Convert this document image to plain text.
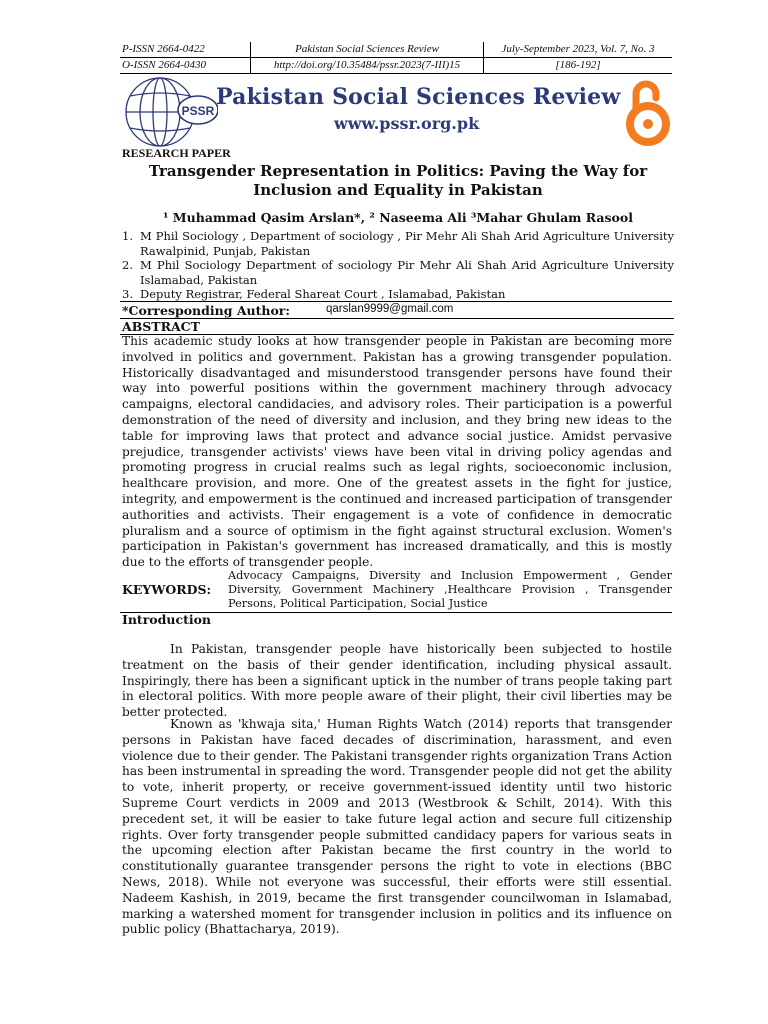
P-ISSN 2664-0422	Pakistan Social Sciences Review	July-September 2023, Vol. 7, No. 3
O-ISSN 2664-0430	http://doi.org/10.35484/pssr.2023(7-III)15	[186-192]
PSSR
Pakistan Social Sciences Review
www.pssr.org.pk
RESEARCH PAPER
Transgender Representation in Politics: Paving the Way for Inclusion and Equality in Pakistan
¹ Muhammad Qasim Arslan*, ² Naseema Ali ³Mahar Ghulam Rasool
1. M Phil Sociology , Department of sociology , Pir Mehr Ali Shah Arid Agriculture University Rawalpinid, Punjab, Pakistan
2. M Phil Sociology Department of sociology Pir Mehr Ali Shah Arid Agriculture University Islamabad, Pakistan
3. Deputy Registrar, Federal Shareat Court , Islamabad, Pakistan
*Corresponding Author:	qarslan9999@gmail.com
ABSTRACT

This academic study looks at how transgender people in Pakistan are becoming more involved in politics and government. Pakistan has a growing transgender population. Historically disadvantaged and misunderstood transgender persons have found their way into powerful positions within the government machinery through advocacy campaigns, electoral candidacies, and advisory roles. Their participation is a powerful demonstration of the need of diversity and inclusion, and they bring new ideas to the table for improving laws that protect and advance social justice. Amidst pervasive prejudice, transgender activists' views have been vital in driving policy agendas and promoting progress in crucial realms such as legal rights, socioeconomic inclusion, healthcare provision, and more. One of the greatest assets in the fight for justice, integrity, and empowerment is the continued and increased participation of transgender authorities and activists. Their engagement is a vote of confidence in democratic pluralism and a source of optimism in the fight against structural exclusion. Women's participation in Pakistan's government has increased dramatically, and this is mostly due to the efforts of transgender people.

KEYWORDS:
Advocacy Campaigns, Diversity and Inclusion Empowerment , Gender Diversity, Government Machinery ,Healthcare Provision , Transgender Persons, Political Participation, Social Justice
Introduction

In Pakistan, transgender people have historically been subjected to hostile treatment on the basis of their gender identification, including physical assault. Inspiringly, there has been a significant uptick in the number of trans people taking part in electoral politics. With more people aware of their plight, their civil liberties may be better protected.

Known as 'khwaja sita,' Human Rights Watch (2014) reports that transgender persons in Pakistan have faced decades of discrimination, harassment, and even violence due to their gender. The Pakistani transgender rights organization Trans Action has been instrumental in spreading the word. Transgender people did not get the ability to vote, inherit property, or receive government-issued identity until two historic Supreme Court verdicts in 2009 and 2013 (Westbrook & Schilt, 2014). With this precedent set, it will be easier to take future legal action and secure full citizenship rights. Over forty transgender people submitted candidacy papers for various seats in the upcoming election after Pakistan became the first country in the world to constitutionally guarantee transgender persons the right to vote in elections (BBC News, 2018). While not everyone was successful, their efforts were still essential. Nadeem Kashish, in 2019, became the first transgender councilwoman in Islamabad, marking a watershed moment for transgender inclusion in politics and its influence on public policy (Bhattacharya, 2019).
